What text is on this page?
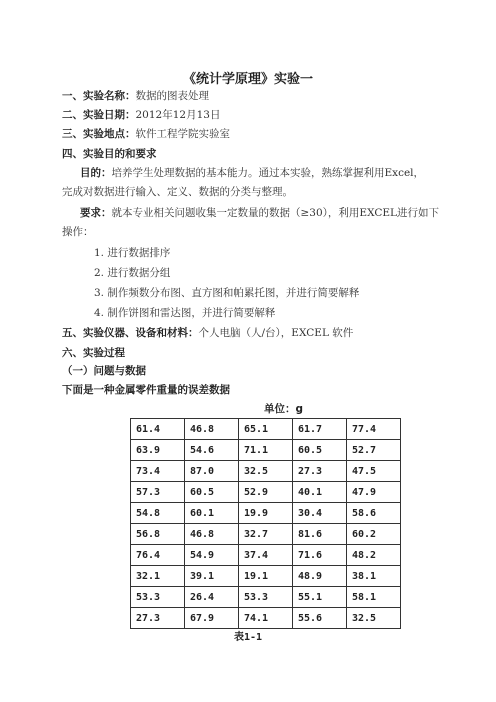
《统计学原理》实验一
一、实验名称：数据的图表处理
二、实验日期：2012年12月13日
三、实验地点：软件工程学院实验室
四、实验目的和要求
目的：培养学生处理数据的基本能力。通过本实验，熟练掌握利用Excel，
完成对数据进行输入、定义、数据的分类与整理。
要求：就本专业相关问题收集一定数量的数据（≥30），利用EXCEL进行如下
操作：
1. 进行数据排序
2. 进行数据分组
3. 制作频数分布图、直方图和帕累托图，并进行简要解释
4. 制作饼图和雷达图，并进行简要解释
五、实验仪器、设备和材料：个人电脑（人/台），EXCEL 软件
六、实验过程
（一）问题与数据
下面是一种金属零件重量的误差数据
单位：g
61.4	46.8	65.1	61.7	77.4
63.9	54.6	71.1	60.5	52.7
73.4	87.0	32.5	27.3	47.5
57.3	60.5	52.9	40.1	47.9
54.8	60.1	19.9	30.4	58.6
56.8	46.8	32.7	81.6	60.2
76.4	54.9	37.4	71.6	48.2
32.1	39.1	19.1	48.9	38.1
53.3	26.4	53.3	55.1	58.1
27.3	67.9	74.1	55.6	32.5
表1-1
